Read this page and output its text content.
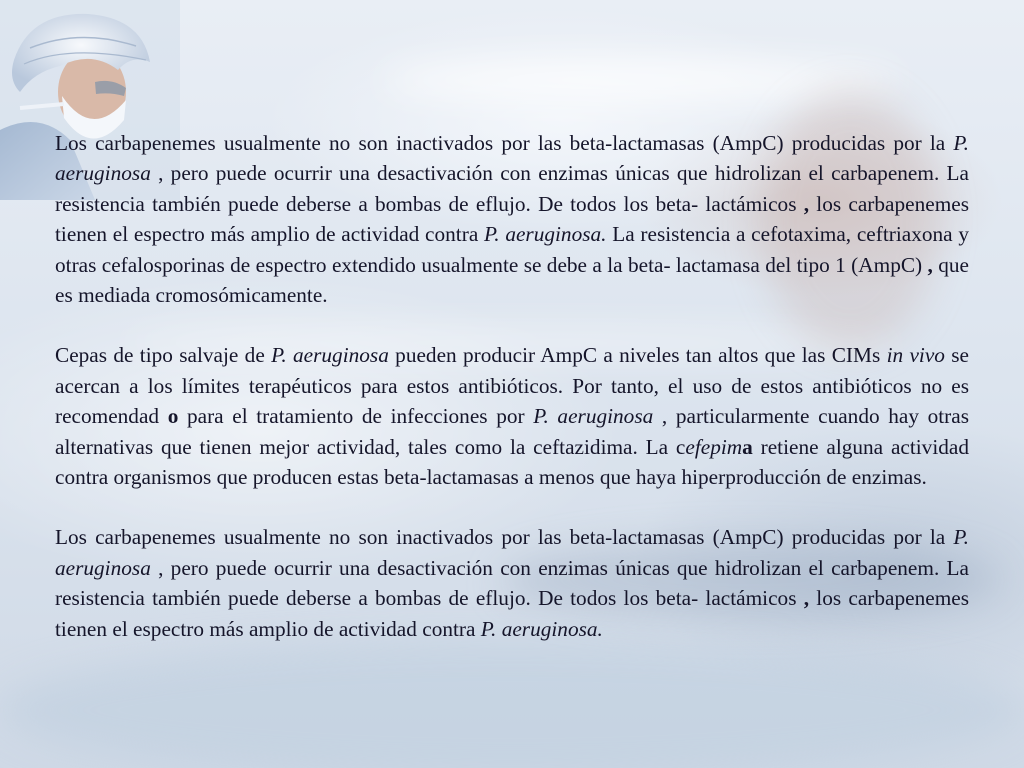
Los carbapenemes usualmente no son inactivados por las beta-lactamasas (AmpC) producidas por la P. aeruginosa , pero puede ocurrir una desactivación con enzimas únicas que hidrolizan el carbapenem. La resistencia también puede deberse a bombas de eflujo. De todos los beta- lactámicos , los carbapenemes tienen el espectro más amplio de actividad contra P. aeruginosa. La resistencia a cefotaxima, ceftriaxona y otras cefalosporinas de espectro extendido usualmente se debe a la beta- lactamasa del tipo 1 (AmpC) , que es mediada cromosómicamente.

Cepas de tipo salvaje de P. aeruginosa pueden producir AmpC a niveles tan altos que las CIMs in vivo se acercan a los límites terapéuticos para estos antibióticos. Por tanto, el uso de estos antibióticos no es recomendad o para el tratamiento de infecciones por P. aeruginosa , particularmente cuando hay otras alternativas que tienen mejor actividad, tales como la ceftazidima. La cefepima retiene alguna actividad contra organismos que producen estas beta-lactamasas a menos que haya hiperproducción de enzimas.

Los carbapenemes usualmente no son inactivados por las beta-lactamasas (AmpC) producidas por la P. aeruginosa , pero puede ocurrir una desactivación con enzimas únicas que hidrolizan el carbapenem. La resistencia también puede deberse a bombas de eflujo. De todos los beta- lactámicos , los carbapenemes tienen el espectro más amplio de actividad contra P. aeruginosa.
